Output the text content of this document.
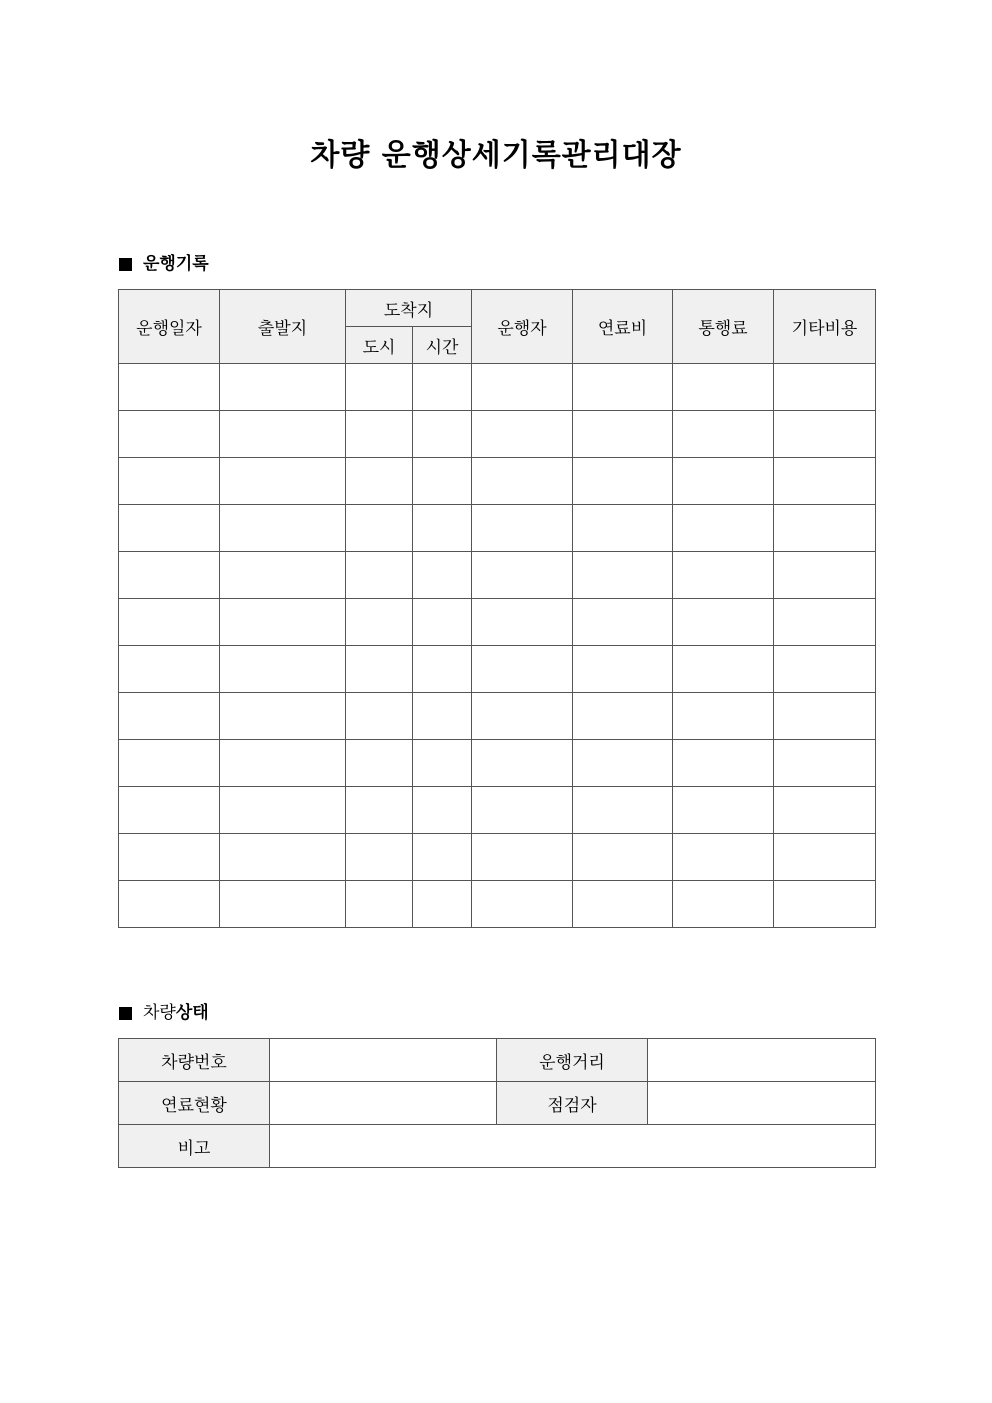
차량 운행상세기록관리대장
운행기록
운행일자	출발지	도착지		운행자	연료비	통행료	기타비용
		도시	시간				

차량 상태
차량번호		운행거리	
연료현황		점검자	
비고			
